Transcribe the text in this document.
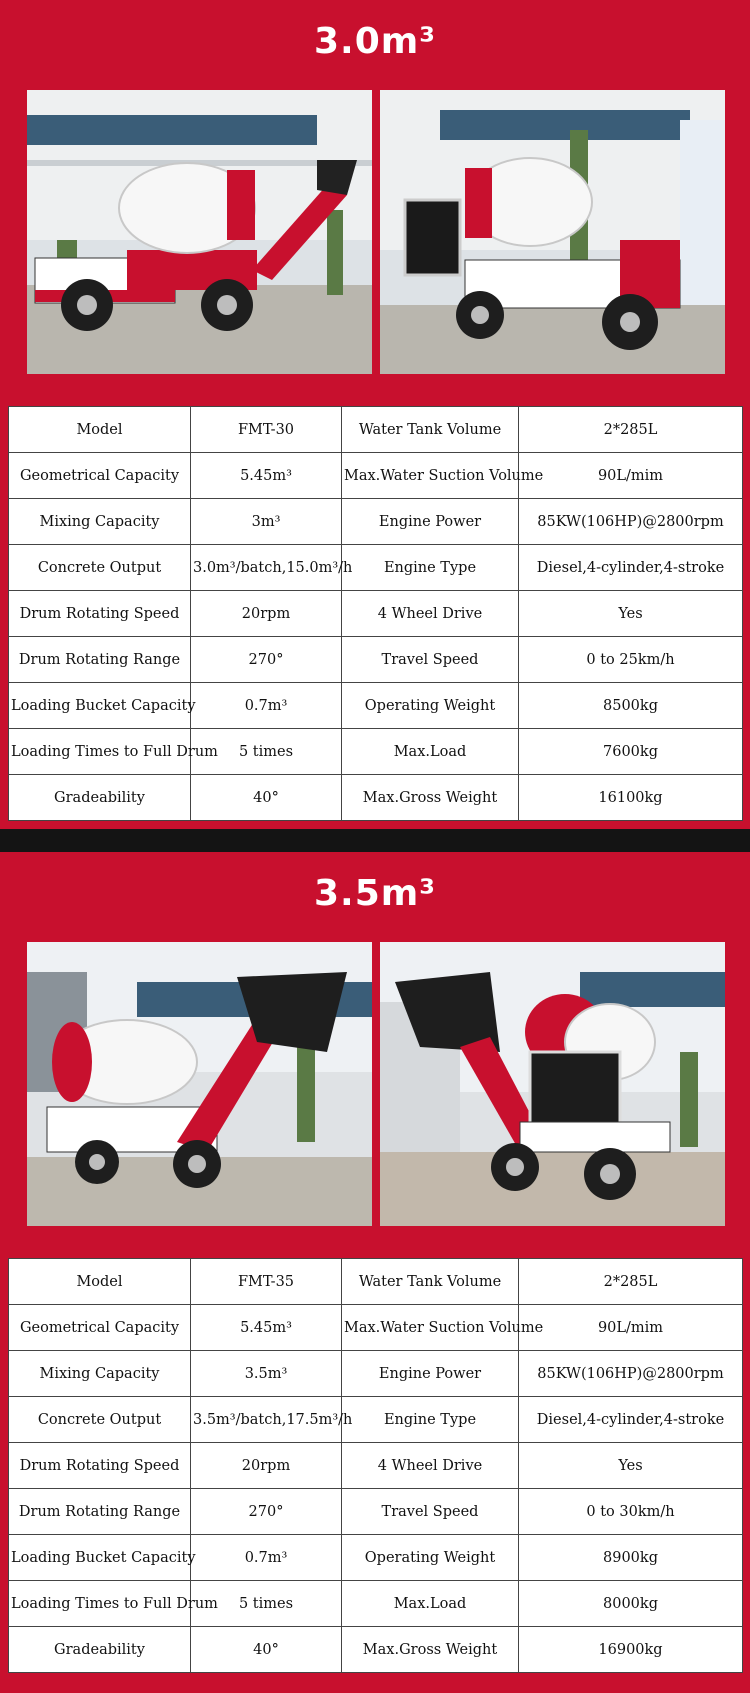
3.0m³
Model	FMT-30	Water Tank Volume	2*285L
Geometrical Capacity	5.45m³	Max.Water Suction Volume	90L/mim
Mixing Capacity	3m³	Engine Power	85KW(106HP)@2800rpm
Concrete Output	3.0m³/batch,15.0m³/h	Engine Type	Diesel,4-cylinder,4-stroke
Drum Rotating Speed	20rpm	4 Wheel Drive	Yes
Drum Rotating Range	270°	Travel Speed	0 to 25km/h
Loading Bucket Capacity	0.7m³	Operating Weight	8500kg
Loading Times to Full Drum	5 times	Max.Load	7600kg
Gradeability	40°	Max.Gross Weight	16100kg
3.5m³
Model	FMT-35	Water Tank Volume	2*285L
Geometrical Capacity	5.45m³	Max.Water Suction Volume	90L/mim
Mixing Capacity	3.5m³	Engine Power	85KW(106HP)@2800rpm
Concrete Output	3.5m³/batch,17.5m³/h	Engine Type	Diesel,4-cylinder,4-stroke
Drum Rotating Speed	20rpm	4 Wheel Drive	Yes
Drum Rotating Range	270°	Travel Speed	0 to 30km/h
Loading Bucket Capacity	0.7m³	Operating Weight	8900kg
Loading Times to Full Drum	5 times	Max.Load	8000kg
Gradeability	40°	Max.Gross Weight	16900kg
